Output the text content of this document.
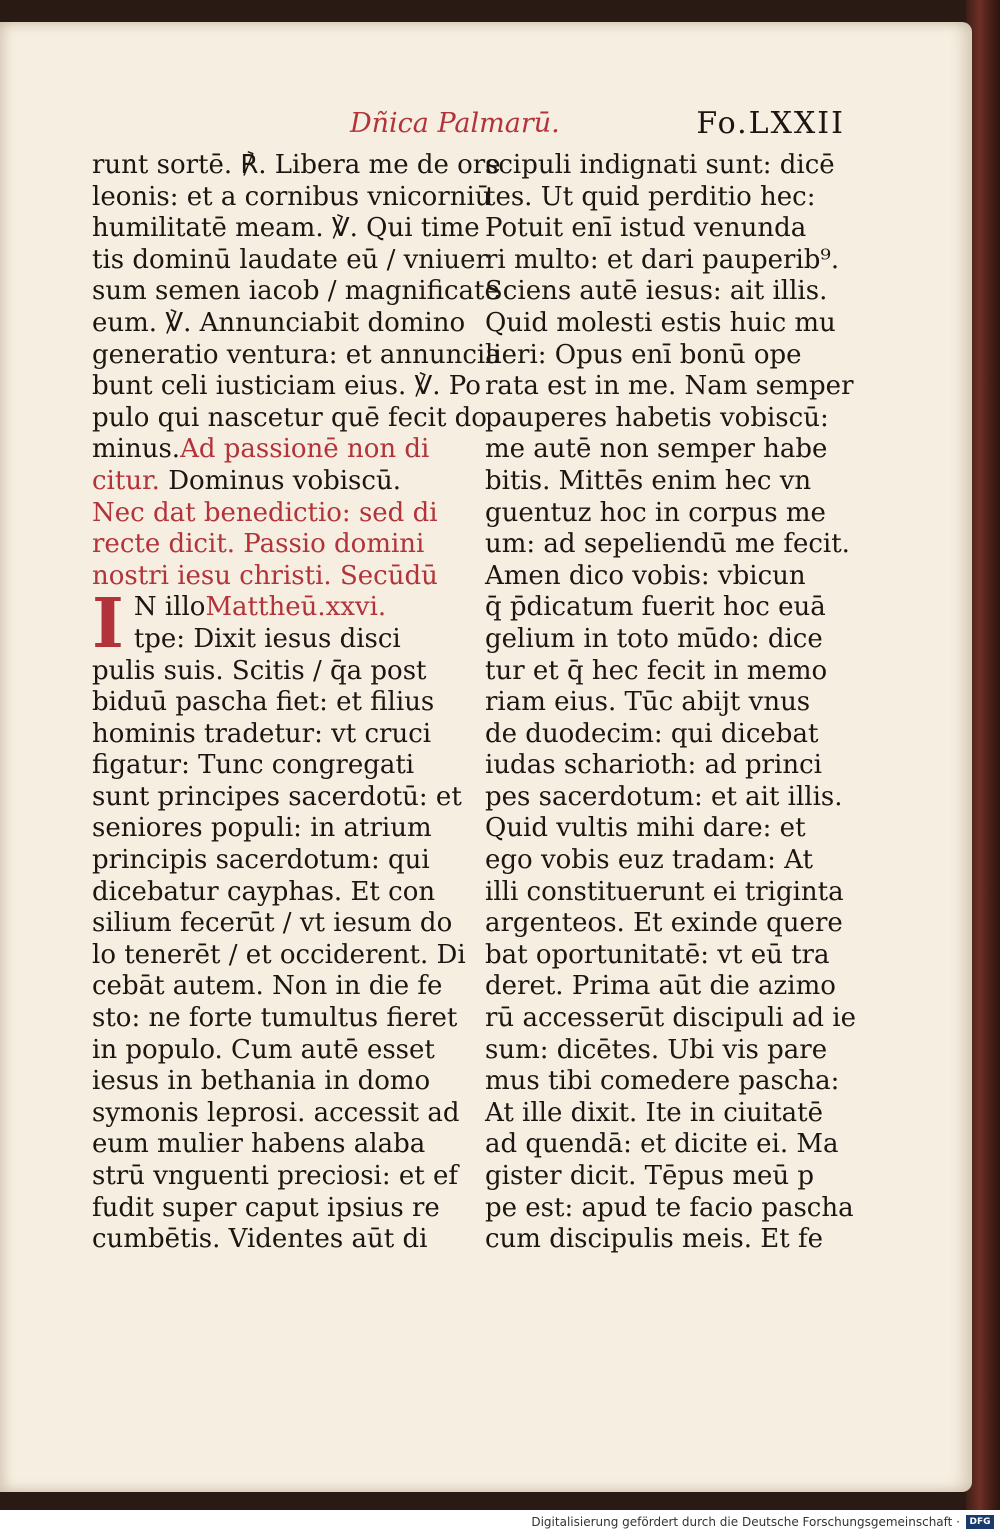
Dñica Palmarū.	Fo.LXXII
runt sortē. ℟. Libera me de ore
leonis: et a cornibus vnicorniū
humilitatē meam. ℣. Qui time
tis dominū laudate eū / vniuer
sum semen iacob / magnificate
eum. ℣. Annunciabit domino
generatio ventura: et annuncia
bunt celi iusticiam eius. ℣. Po
pulo qui nascetur quē fecit do
minus.Ad passionē non di
citur. Dominus vobiscū.
Nec dat benedictio: sed di
recte dicit. Passio domini
nostri iesu christi. Secūdū
I N illoMattheū.xxvi.
tpe: Dixit iesus disci
pulis suis. Scitis / q̄a post
biduū pascha fiet: et filius
hominis tradetur: vt cruci
figatur: Tunc congregati
sunt principes sacerdotū: et
seniores populi: in atrium
principis sacerdotum: qui
dicebatur cayphas. Et con
silium fecerūt / vt iesum do
lo tenerēt / et occiderent. Di
cebāt autem. Non in die fe
sto: ne forte tumultus fieret
in populo. Cum autē esset
iesus in bethania in domo
symonis leprosi. accessit ad
eum mulier habens alaba
strū vnguenti preciosi: et ef
fudit super caput ipsius re
cumbētis. Videntes aūt di
scipuli indignati sunt: dicē
tes. Ut quid perditio hec:
Potuit enī istud venunda
ri multo: et dari pauperib⁹.
Sciens autē iesus: ait illis.
Quid molesti estis huic mu
lieri: Opus enī bonū ope
rata est in me. Nam semper
pauperes habetis vobiscū:
me autē non semper habe
bitis. Mittēs enim hec vn
guentuz hoc in corpus me
um: ad sepeliendū me fecit.
Amen dico vobis: vbicun
q̄ p̄dicatum fuerit hoc euā
gelium in toto mūdo: dice
tur et q̄ hec fecit in memo
riam eius. Tūc abijt vnus
de duodecim: qui dicebat
iudas scharioth: ad princi
pes sacerdotum: et ait illis.
Quid vultis mihi dare: et
ego vobis euz tradam: At
illi constituerunt ei triginta
argenteos. Et exinde quere
bat oportunitatē: vt eū tra
deret. Prima aūt die azimo
rū accesserūt discipuli ad ie
sum: dicētes. Ubi vis pare
mus tibi comedere pascha:
At ille dixit. Ite in ciuitatē
ad quendā: et dicite ei. Ma
gister dicit. Tēpus meū p
pe est: apud te facio pascha
cum discipulis meis. Et fe
Digitalisierung gefördert durch die Deutsche Forschungsgemeinschaft ·	DFG
